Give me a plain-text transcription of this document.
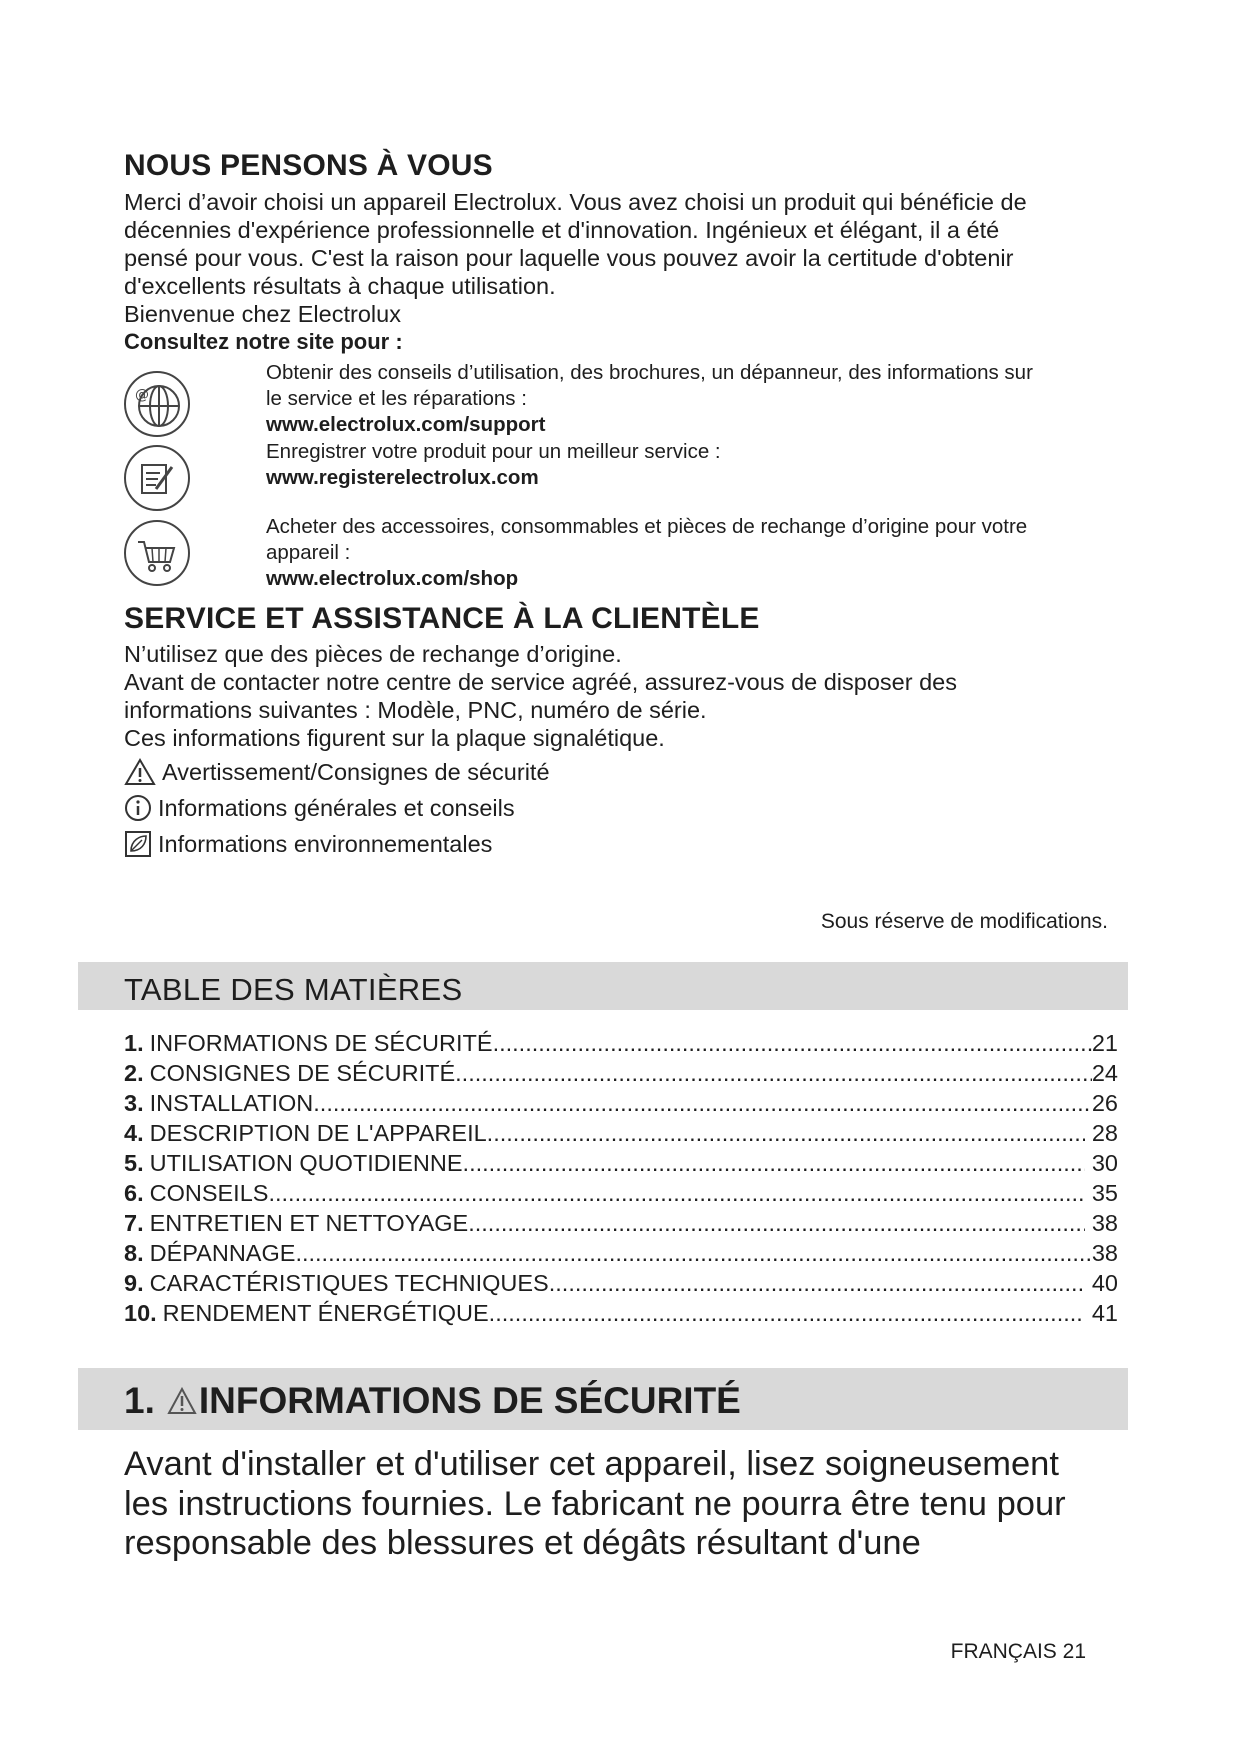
NOUS PENSONS À VOUS
Merci d’avoir choisi un appareil Electrolux. Vous avez choisi un produit qui bénéficie de
décennies d'expérience professionnelle et d'innovation. Ingénieux et élégant, il a été
pensé pour vous. C'est la raison pour laquelle vous pouvez avoir la certitude d'obtenir
d'excellents résultats à chaque utilisation.
Bienvenue chez Electrolux
Consultez notre site pour :
@
Obtenir des conseils d’utilisation, des brochures, un dépanneur, des informations sur
le service et les réparations :
www.electrolux.com/support
Enregistrer votre produit pour un meilleur service :
www.registerelectrolux.com
Acheter des accessoires, consommables et pièces de rechange d’origine pour votre
appareil :
www.electrolux.com/shop
SERVICE ET ASSISTANCE À LA CLIENTÈLE
N’utilisez que des pièces de rechange d’origine.
Avant de contacter notre centre de service agréé, assurez-vous de disposer des
informations suivantes : Modèle, PNC, numéro de série.
Ces informations figurent sur la plaque signalétique.
Avertissement/Consignes de sécurité
Informations générales et conseils
Informations environnementales
Sous réserve de modifications.
TABLE DES MATIÈRES
1. INFORMATIONS DE SÉCURITÉ .....	21
2. CONSIGNES DE SÉCURITÉ .....	24
3. INSTALLATION .....	26
4. DESCRIPTION DE L'APPAREIL .....	28
5. UTILISATION QUOTIDIENNE .....	30
6. CONSEILS .....	35
7. ENTRETIEN ET NETTOYAGE .....	38
8. DÉPANNAGE .....	38
9. CARACTÉRISTIQUES TECHNIQUES .....	40
10. RENDEMENT ÉNERGÉTIQUE .....	41
1. INFORMATIONS DE SÉCURITÉ
Avant d'installer et d'utiliser cet appareil, lisez soigneusement
les instructions fournies. Le fabricant ne pourra être tenu pour
responsable des blessures et dégâts résultant d'une
FRANÇAIS 21
